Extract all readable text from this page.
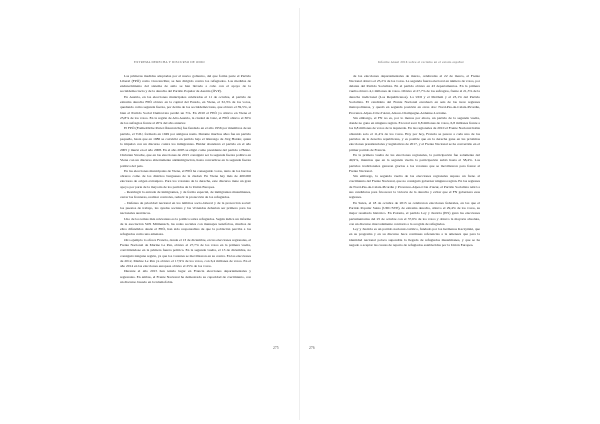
EXTREMA DERECHA Y DISCURSO DE ODIO

Las primeras medidas adoptadas por el nuevo gobierno, del que forma parte el Partido Liberal (FPÖ) como vicecanciller, se han dirigido contra los refugiados. Las medidas de endurecimiento del sistema de asilo se han llevado a cabo con el apoyo de la socialdemocracia y de la derecha del Partido Popular de Austria (ÖVP).

En Austria, en las elecciones municipales celebradas el 11 de octubre, el partido de extrema derecha FPÖ obtuvo en la capital del Estado, en Viena, el 32,3% de los votos, quedando como segunda fuerza, por detrás de los socialdemócratas, que obtuvo el 39,5%, si bien el Partido Social Demócrata perdió un 5%. En 2010 el FPÖ ya obtuvo en Viena el 25,8% de los votos. En la región de Alta Austria, la ciudad de Linz, el FPÖ obtuvo el 30% de los sufragios frente al 20% del año anterior.

El FPÖ (Freiheitliche Partei Österreichs) fue fundado en el año 1956 por miembros de un partido, el VdU, formado en 1949 por antiguos nazis. Durante muchos años fue un partido pequeño, hasta que en 1986 se convirtió en partido bajo el liderazgo de Jörg Haider, quien lo impulsó con un discurso contra los inmigrantes. Haider abandonó el partido en el año 2005 y murió en el año 2008. En el año 2005 se eligió como presidente del partido a Heinz-Christian Strache, que en las elecciones de 2015 consiguió ser la segunda fuerza política en Viena con un discurso abiertamente antiinmigración, hasta convertirse en la segunda fuerza política del país.

En las elecciones municipales de Viena, el FPÖ ha conseguido votos, tanto de los barrios obreros como de los distritos burgueses de la ciudad. En Viena hay más de 400.000 electores de origen extranjero. Para los votantes de la derecha, este discurso tiene un gran apoyo por parte de la mayoría de los partidos de la Unión Europea.

– Restringir la entrada de inmigrantes, y de forma especial, de inmigrantes musulmanes, cerrar las fronteras, realizar controles, reducir la protección de los refugiados.

– Defensa de prioridad nacional en los ámbitos socio-laboral y de la protección social: los puestos de trabajo, las ayudas sociales y las viviendas deberían ser primero para los nacionales austríacos.

Uno de los temas más relevantes es la política sobre refugiados. Según indica un informe de la asociación SOS Mitmensch, las redes sociales con mensajes xenófobos, muchos de ellos difundidos desde el FPÖ, han sido responsables de que la población perciba a los refugiados como una amenaza.

Otro ejemplo lo ofrece Francia, donde el 13 de diciembre, en las elecciones regionales, el Frente Nacional de Marine Le Pen, obtuvo el 27,7% de los votos en la primera vuelta, convirtiéndose en la primera fuerza política. En la segunda vuelta, el 13 de diciembre, no consiguió ninguna región, ya que los votantes se movilizaron en su contra. En las elecciones de 2012, Marine Le Pen ya obtuvo el 17,9% de los votos, con 6,4 millones de votos. En el año 2014 en las elecciones europeas obtuvo el 25% de los votos.

Durante el año 2015 han tenido lugar en Francia elecciones departamentales y regionales. En ambas, el Frente Nacional ha demostrado su capacidad de crecimiento, con un discurso basado en la islamofobia.

275
Informe Anual 2016 sobre el racismo en el estado español

de las elecciones departamentales de marzo, celebradas el 22 de marzo, el Frente Nacional obtuvo el 25,2% de los votos. La segunda fuerza electoral en número de votos, por delante del Partido Socialista. En el partido obtuvo en 43 departamentos. En la primera vuelta obtuvo 4,1 millones de votos. Obtuvo el 27,7% de los sufragios, frente al 21,3% de la derecha tradicional (Los Republicanos). La UDI y el MoDem y el 23,1% del Partido Socialista. El candidato del Frente Nacional encabezó en seis de las trece regiones metropolitanas, y quedó en segunda posición en otras dos: Nord-Pas-de-Calais-Picardie, Provence-Alpes-Côte d'Azur, Alsace-Champagne-Ardenne-Lorraine.

Sin embargo, el FN no es, por lo menos por ahora, un partido de la segunda vuelta, donde no gana en ninguna región. En total sacó 6,8 millones de votos, 6,8 millones frente a los 6,8 millones de votos de la izquierda. En las regionales de 2010 el Frente Nacional había obtenido solo el 11,4% de los votos. Hoy por hoy, Francia se parece a cada uno de los partidos de la derecha republicana, y es posible que en la derecha gane en las próximas elecciones presidenciales y legislativas de 2017, y el Frente Nacional se ha convertido en el primer partido de Francia.

En la primera vuelta de las elecciones regionales, la participación fue solamente del 49,9%, mientras que en la segunda vuelta la participación subió hasta el 58,4%. Los partidos tradicionales ganaron gracias a los votantes que se movilizaron para frenar al Frente Nacional.

Sin embargo, la segunda vuelta de las elecciones regionales supuso un freno al crecimiento del Frente Nacional, que no consiguió gobernar ninguna región. En las regiones de Nord-Pas-de-Calais-Picardie y Provence-Alpes-Côte d'Azur, el Partido Socialista retiró a sus candidatos para favorecer la victoria de la derecha y evitar que el FN gobernara esas regiones.

En Suiza, el 18 de octubre de 2015 se celebraron elecciones federales, en las que el Partido Popular Suizo (UDC/SVP), de extrema derecha, obtuvo el 29,4% de los votos, su mejor resultado histórico. En Polonia, el partido Ley y Justicia (PiS) ganó las elecciones parlamentarias del 25 de octubre con el 37,6% de los votos y obtuvo la mayoría absoluta, con un discurso marcadamente contrario a la acogida de refugiados.

Ley y Justicia es un partido nacional-católico, fundado por los hermanos Kaczyński, que en su programa y en su discurso hace continuas referencias a la amenaza que para la identidad nacional polaca supondría la llegada de refugiados musulmanes, y que se ha negado a aceptar las cuotas de reparto de refugiados establecidas por la Unión Europea.

276
